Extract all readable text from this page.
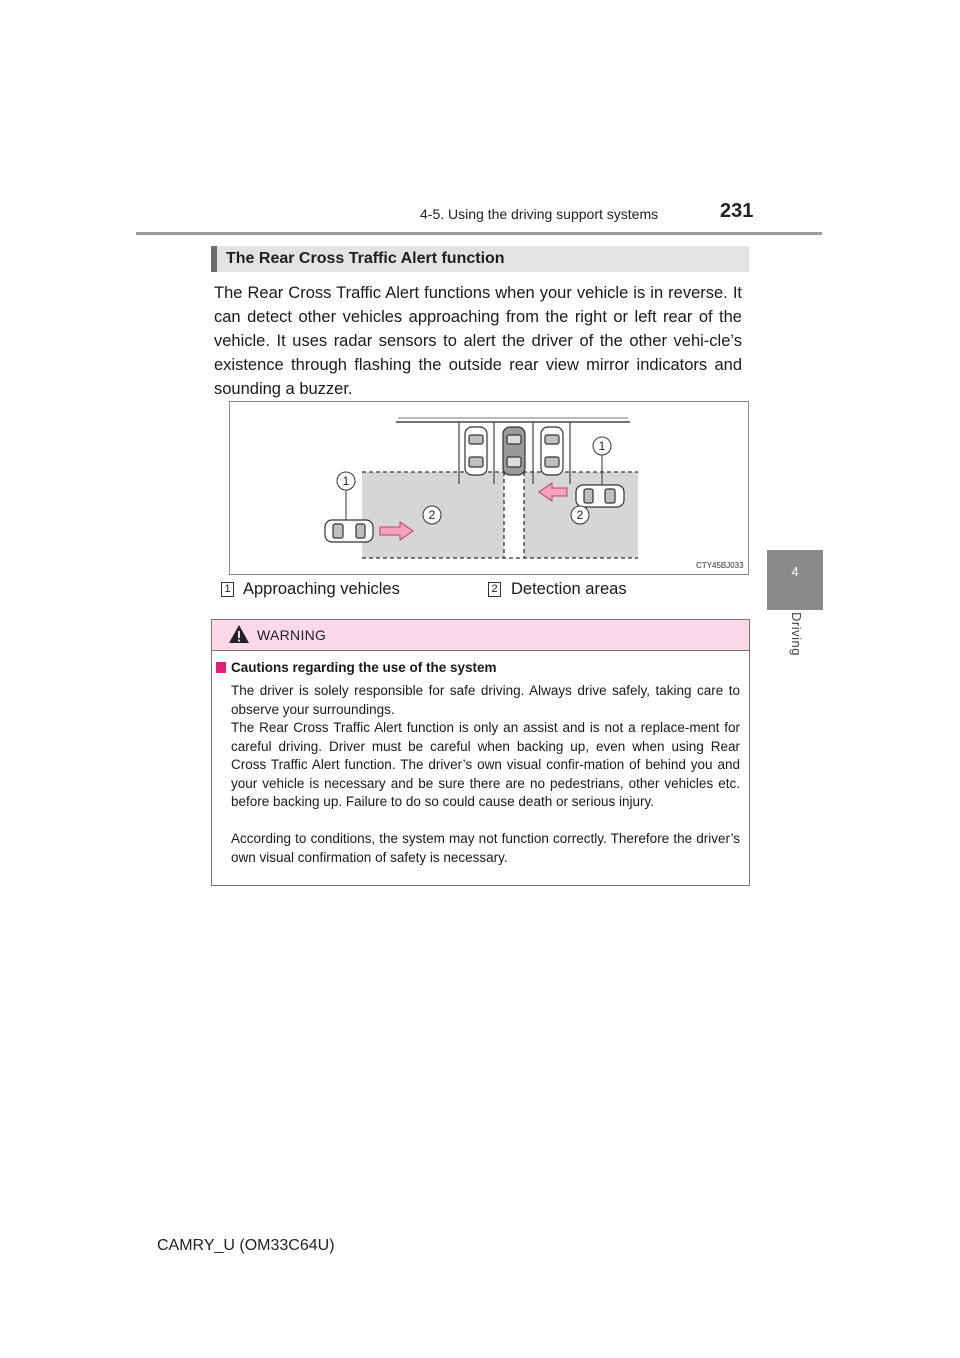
4-5. Using the driving support systems	231
4
Driving
The Rear Cross Traffic Alert function
The Rear Cross Traffic Alert functions when your vehicle is in reverse. It can detect other vehicles approaching from the right or left rear of the vehicle. It uses radar sensors to alert the driver of the other vehi-cle’s existence through flashing the outside rear view mirror indicators and sounding a buzzer.
1
1
2	2
CTY45BJ033
1 Approaching vehicles	2 Detection areas
WARNING
Cautions regarding the use of the system
The driver is solely responsible for safe driving. Always drive safely, taking care to observe your surroundings.
The Rear Cross Traffic Alert function is only an assist and is not a replace-ment for careful driving. Driver must be careful when backing up, even when using Rear Cross Traffic Alert function. The driver’s own visual confir-mation of behind you and your vehicle is necessary and be sure there are no pedestrians, other vehicles etc. before backing up. Failure to do so could cause death or serious injury.
According to conditions, the system may not function correctly. Therefore the driver’s own visual confirmation of safety is necessary.
CAMRY_U (OM33C64U)
